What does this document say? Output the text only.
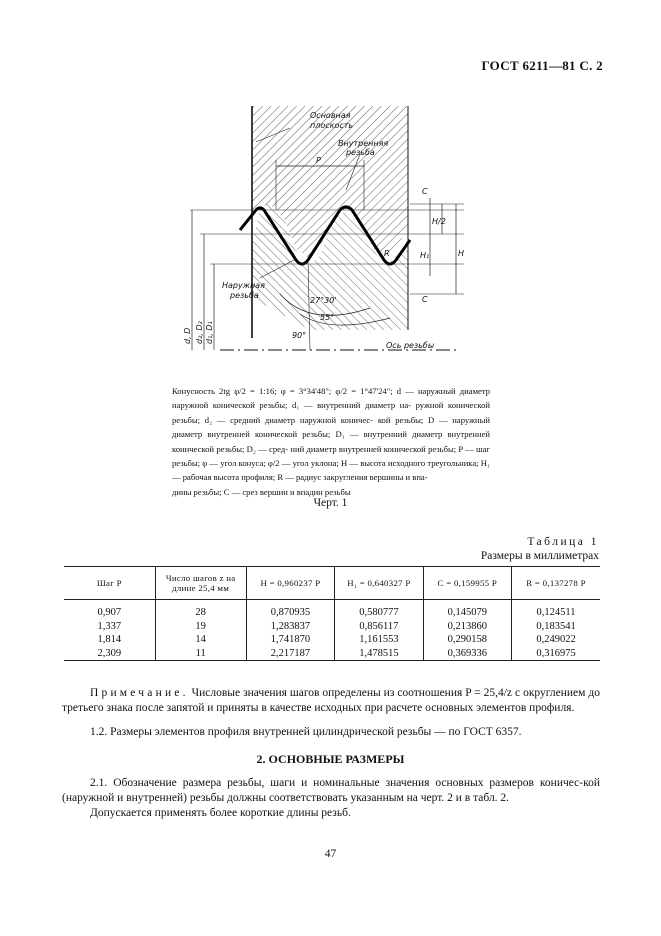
ГОСТ 6211—81 С. 2
Основная
плоскость
Внутренняя
резьба
P
Наружная
резьба
27°30'
55°
90°
Ось резьбы
C
H/2
H₁	H
C
R
d, D d₂, D₂ d₁, D₁
Конусность 2tg φ/2 = 1:16; φ = 3°34'48"; φ/2 = 1°47'24"; d — наружный диаметр наружной конической резьбы; d₁ — внутренний диаметр на- ружной конической резьбы; d₂ — средний диаметр наружной коничес- кой резьбы; D — наружный диаметр внутренней конической резьбы; D₁ — внутренний диаметр внутренней конической резьбы; D₂ — сред- ний диаметр внутренней конической резьбы; P — шаг резьбы; φ — угол конуса; φ/2 — угол уклона; H — высота исходного треугольника; H₁ — рабочая высота профиля; R — радиус закругления вершины и впа-
дины резьбы; C — срез вершин и впадин резьбы
Черт. 1
Таблица 1
Размеры в миллиметрах
Шаг P	Число шагов z на длине 25,4 мм	H = 0,960237 P	H₁ = 0,640327 P	C = 0,159955 P	R = 0,137278 P

0,907	28	0,870935	0,580777	0,145079	0,124511
1,337	19	1,283837	0,856117	0,213860	0,183541
1,814	14	1,741870	1,161553	0,290158	0,249022
2,309	11	2,217187	1,478515	0,369336	0,316975
Примечание. Числовые значения шагов определены из соотношения P = 25,4/z с округлением до третьего знака после запятой и приняты в качестве исходных при расчете основных элементов профиля.
1.2. Размеры элементов профиля внутренней цилиндрической резьбы — по ГОСТ 6357.
2. ОСНОВНЫЕ РАЗМЕРЫ
2.1. Обозначение размера резьбы, шаги и номинальные значения основных размеров коничес-кой (наружной и внутренней) резьбы должны соответствовать указанным на черт. 2 и в табл. 2.
Допускается применять более короткие длины резьб.
47
